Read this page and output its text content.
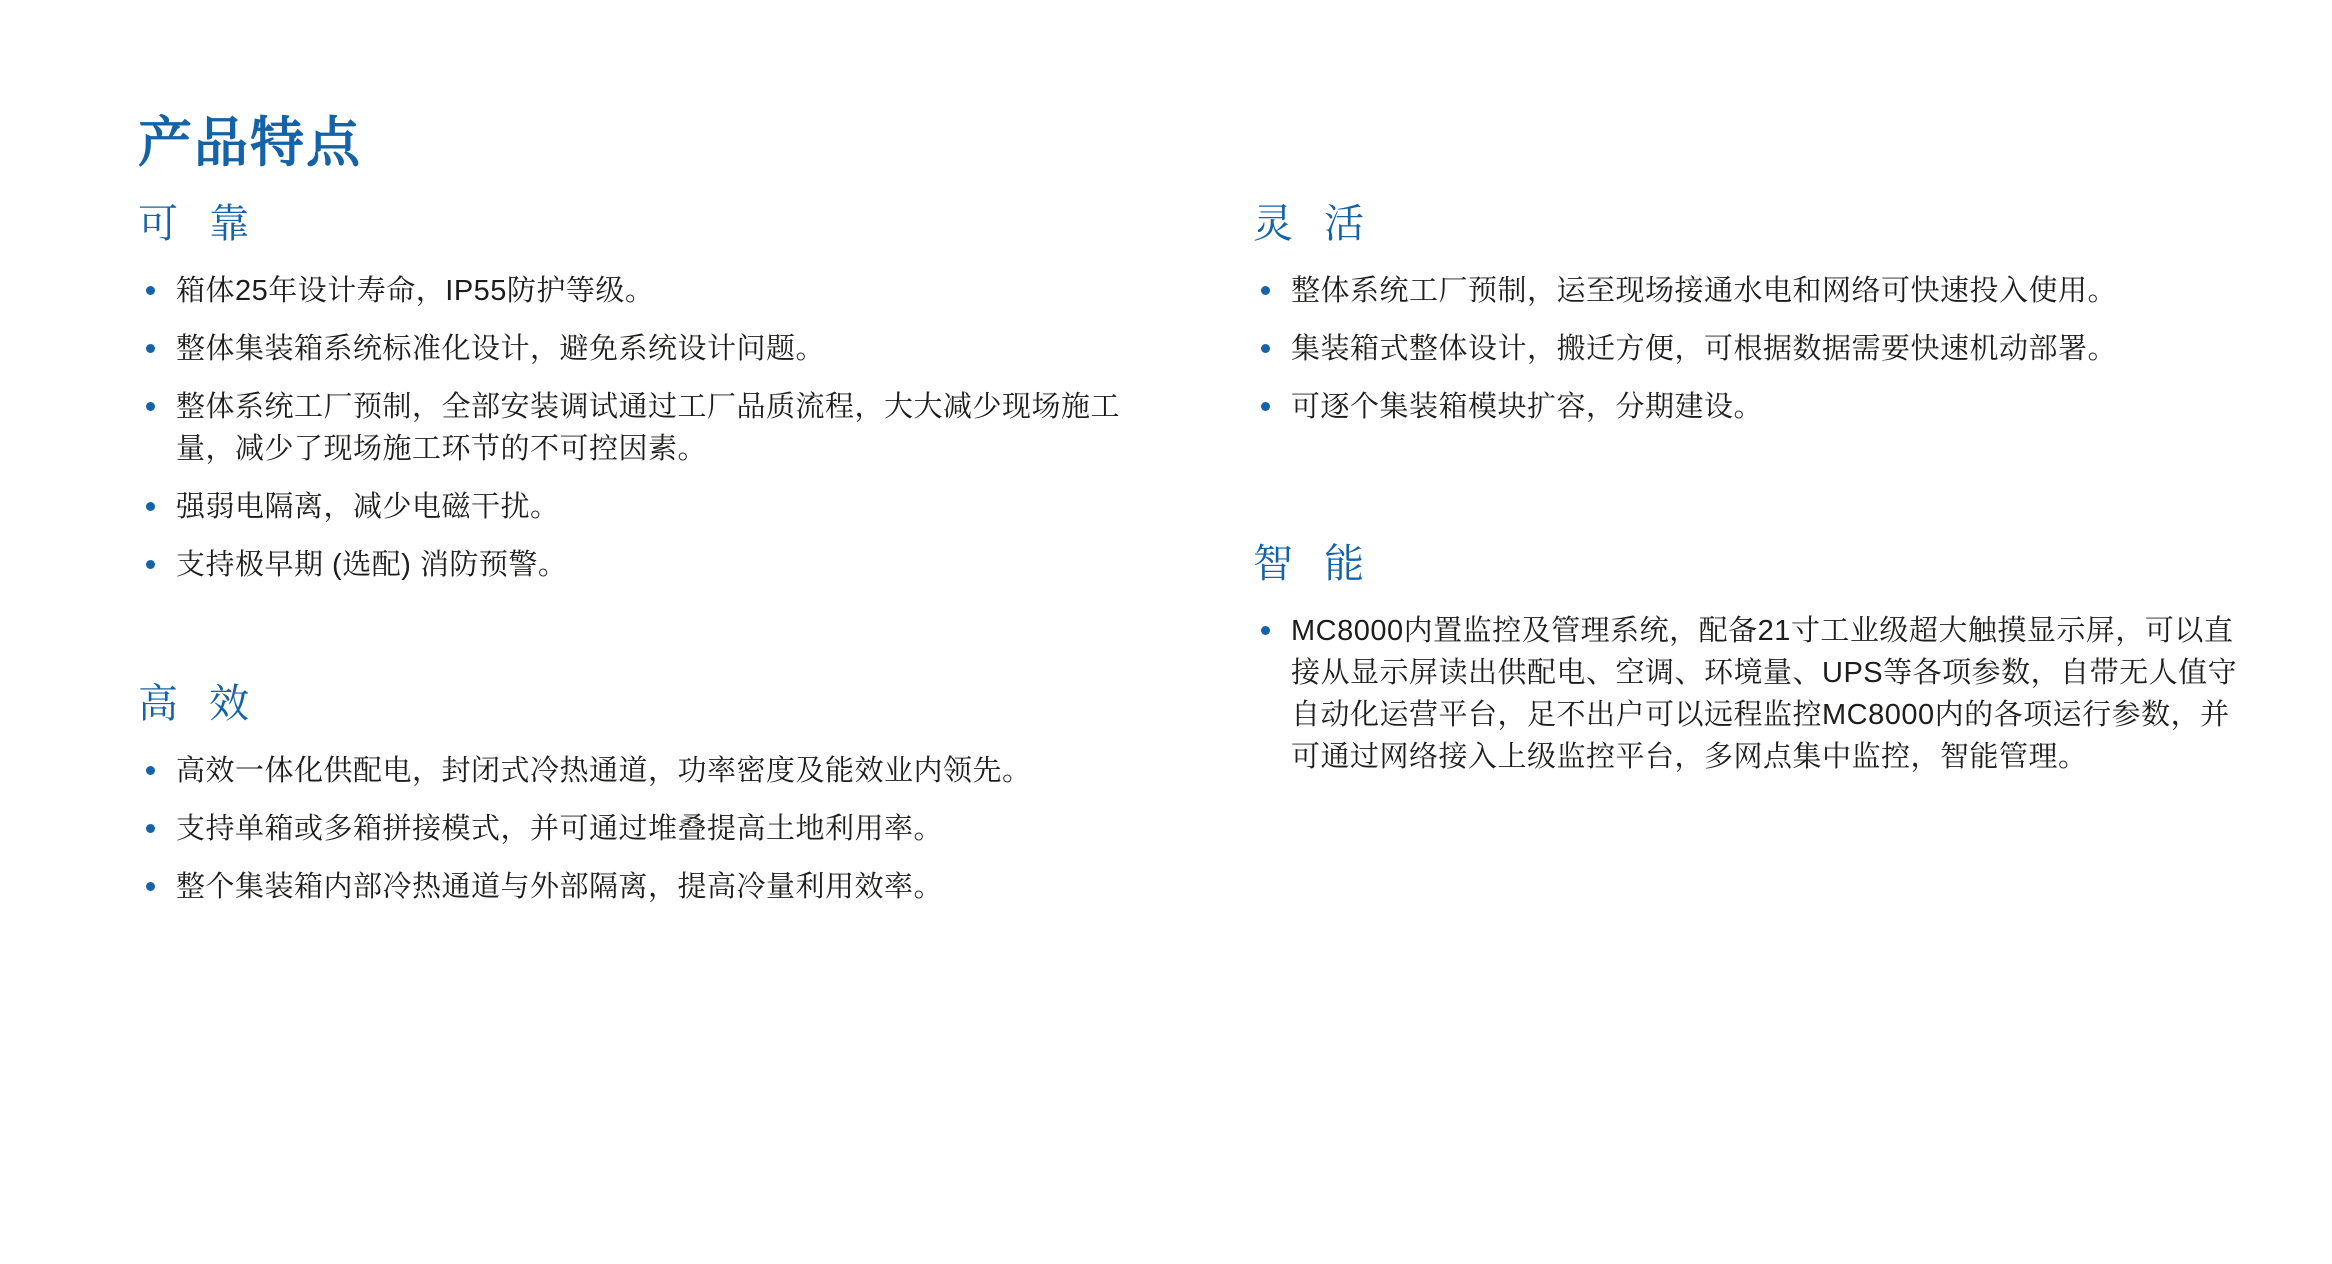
产品特点
可 靠
箱体25年设计寿命，IP55防护等级。
整体集装箱系统标准化设计，避免系统设计问题。
整体系统工厂预制，全部安装调试通过工厂品质流程，大大减少现场施工量，减少了现场施工环节的不可控因素。
强弱电隔离，减少电磁干扰。
支持极早期 (选配) 消防预警。
高 效
高效一体化供配电，封闭式冷热通道，功率密度及能效业内领先。
支持单箱或多箱拼接模式，并可通过堆叠提高土地利用率。
整个集装箱内部冷热通道与外部隔离，提高冷量利用效率。
灵 活
整体系统工厂预制，运至现场接通水电和网络可快速投入使用。
集装箱式整体设计，搬迁方便，可根据数据需要快速机动部署。
可逐个集装箱模块扩容，分期建设。
智 能
MC8000内置监控及管理系统，配备21寸工业级超大触摸显示屏，可以直接从显示屏读出供配电、空调、环境量、UPS等各项参数，自带无人值守自动化运营平台，足不出户可以远程监控MC8000内的各项运行参数，并可通过网络接入上级监控平台，多网点集中监控，智能管理。
